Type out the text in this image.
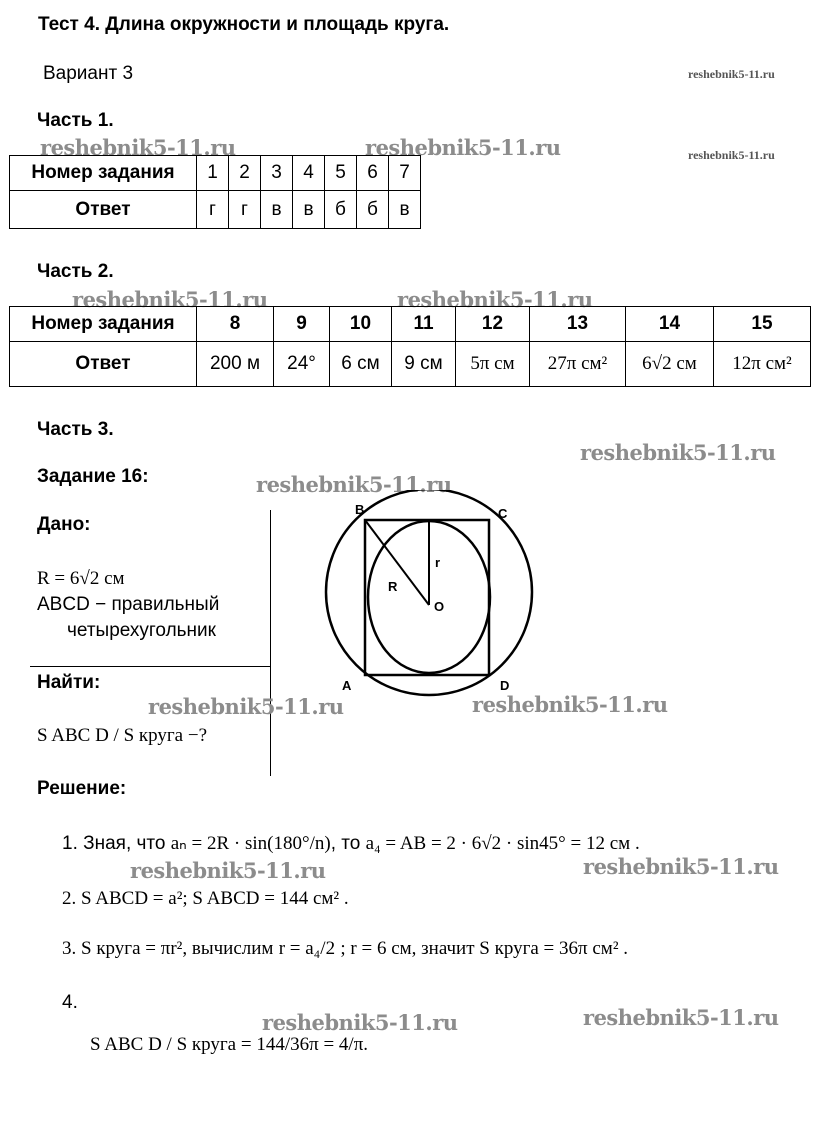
Тест 4. Длина окружности и площадь круга.
Вариант 3	reshebnik5-11.ru
Часть 1.
reshebnik5-11.ru	reshebnik5-11.ru	reshebnik5-11.ru
Номер задания	1	2	3	4	5	6	7
Ответ	г	г	в	в	б	б	в
Часть 2.
reshebnik5-11.ru	reshebnik5-11.ru
Номер задания	8	9	10	11	12	13	14	15
Ответ	200 м	24°	6 см	9 см	5π см	27π см²	6√2 см	12π см²
Часть 3.
reshebnik5-11.ru
Задание 16:	reshebnik5-11.ru
Дано:
R = 6√2 см
ABCD − правильный
четырехугольник
Найти:
reshebnik5-11.ru
S ABC D / S круга −?
B	C
A	D
R
r
O
reshebnik5-11.ru
Решение:
1. Зная, что aₙ = 2R · sin(180°/n), то a₄ = AB = 2 · 6√2 · sin45° = 12 см .
reshebnik5-11.ru	reshebnik5-11.ru
2. S ABCD = a²; S ABCD = 144 см² .
3. S круга = πr², вычислим r = a₄/2 ; r = 6 см, значит S круга = 36π см² .
4.
S ABC D / S круга = 144/36π = 4/π.
reshebnik5-11.ru	reshebnik5-11.ru
